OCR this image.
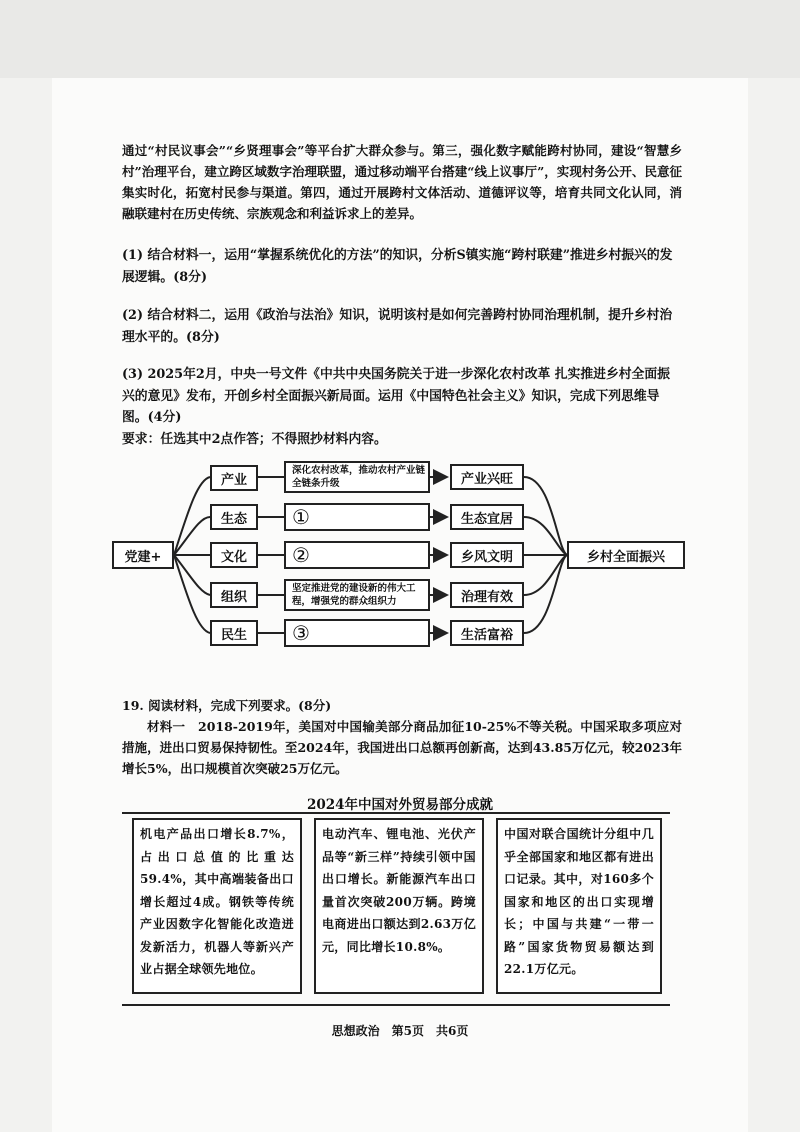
通过“村民议事会”“乡贤理事会”等平台扩大群众参与。第三，强化数字赋能跨村协同，建设“智慧乡村”治理平台，建立跨区域数字治理联盟，通过移动端平台搭建“线上议事厅”，实现村务公开、民意征集实时化，拓宽村民参与渠道。第四，通过开展跨村文体活动、道德评议等，培育共同文化认同，消融联建村在历史传统、宗族观念和利益诉求上的差异。
(1) 结合材料一，运用“掌握系统优化的方法”的知识，分析S镇实施“跨村联建”推进乡村振兴的发展逻辑。(8分)
(2) 结合材料二，运用《政治与法治》知识，说明该村是如何完善跨村协同治理机制，提升乡村治理水平的。(8分)
(3) 2025年2月，中央一号文件《中共中央国务院关于进一步深化农村改革 扎实推进乡村全面振兴的意见》发布，开创乡村全面振兴新局面。运用《中国特色社会主义》知识，完成下列思维导图。(4分)
要求：任选其中2点作答；不得照抄材料内容。
党建+
产业
生态
文化
组织
民生
深化农村改革，推动农村产业链全链条升级
①
②
坚定推进党的建设新的伟大工程，增强党的群众组织力
③
产业兴旺
生态宜居
乡风文明
治理有效
生活富裕
乡村全面振兴
19. 阅读材料，完成下列要求。(8分)
材料一　2018-2019年，美国对中国输美部分商品加征10-25%不等关税。中国采取多项应对措施，进出口贸易保持韧性。至2024年，我国进出口总额再创新高，达到43.85万亿元，较2023年增长5%，出口规模首次突破25万亿元。
2024年中国对外贸易部分成就
机电产品出口增长8.7%，占出口总值的比重达59.4%，其中高端装备出口增长超过4成。钢铁等传统产业因数字化智能化改造迸发新活力，机器人等新兴产业占据全球领先地位。
电动汽车、锂电池、光伏产品等“新三样”持续引领中国出口增长。新能源汽车出口量首次突破200万辆。跨境电商进出口额达到2.63万亿元，同比增长10.8%。
中国对联合国统计分组中几乎全部国家和地区都有进出口记录。其中，对160多个国家和地区的出口实现增长；中国与共建“一带一路”国家货物贸易额达到22.1万亿元。
思想政治　第5页　共6页
